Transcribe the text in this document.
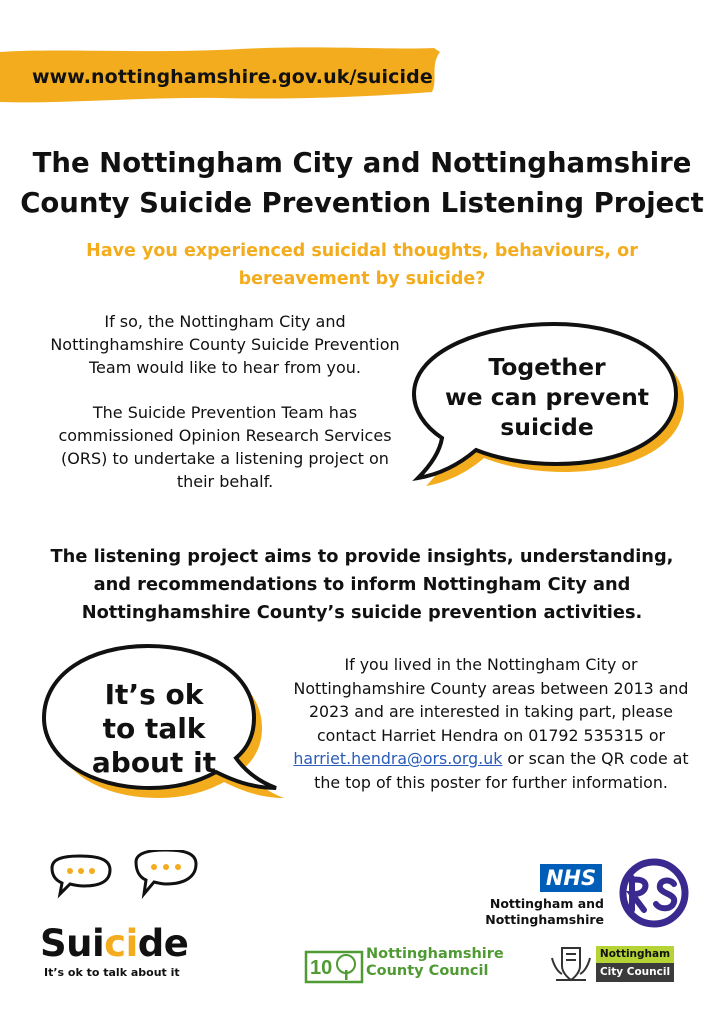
www.nottinghamshire.gov.uk/suicide
The Nottingham City and Nottinghamshire
County Suicide Prevention Listening Project
Have you experienced suicidal thoughts, behaviours, or
bereavement by suicide?

If so, the Nottingham City and Nottinghamshire County Suicide Prevention Team would like to hear from you.

The Suicide Prevention Team has commissioned Opinion Research Services (ORS) to undertake a listening project on their behalf.

Together
we can prevent
suicide
The listening project aims to provide insights, understanding,
and recommendations to inform Nottingham City and
Nottinghamshire County’s suicide prevention activities.
It’s ok
to talk
about it
If you lived in the Nottingham City or Nottinghamshire County areas between 2013 and 2023 and are interested in taking part, please contact Harriet Hendra on 01792 535315 or harriet.hendra@ors.org.uk or scan the QR code at the top of this poster for further information.
Suicide
It’s ok to talk about it
NHS
Nottingham and
Nottinghamshire
10
Nottinghamshire
County Council
Nottingham
City Council
